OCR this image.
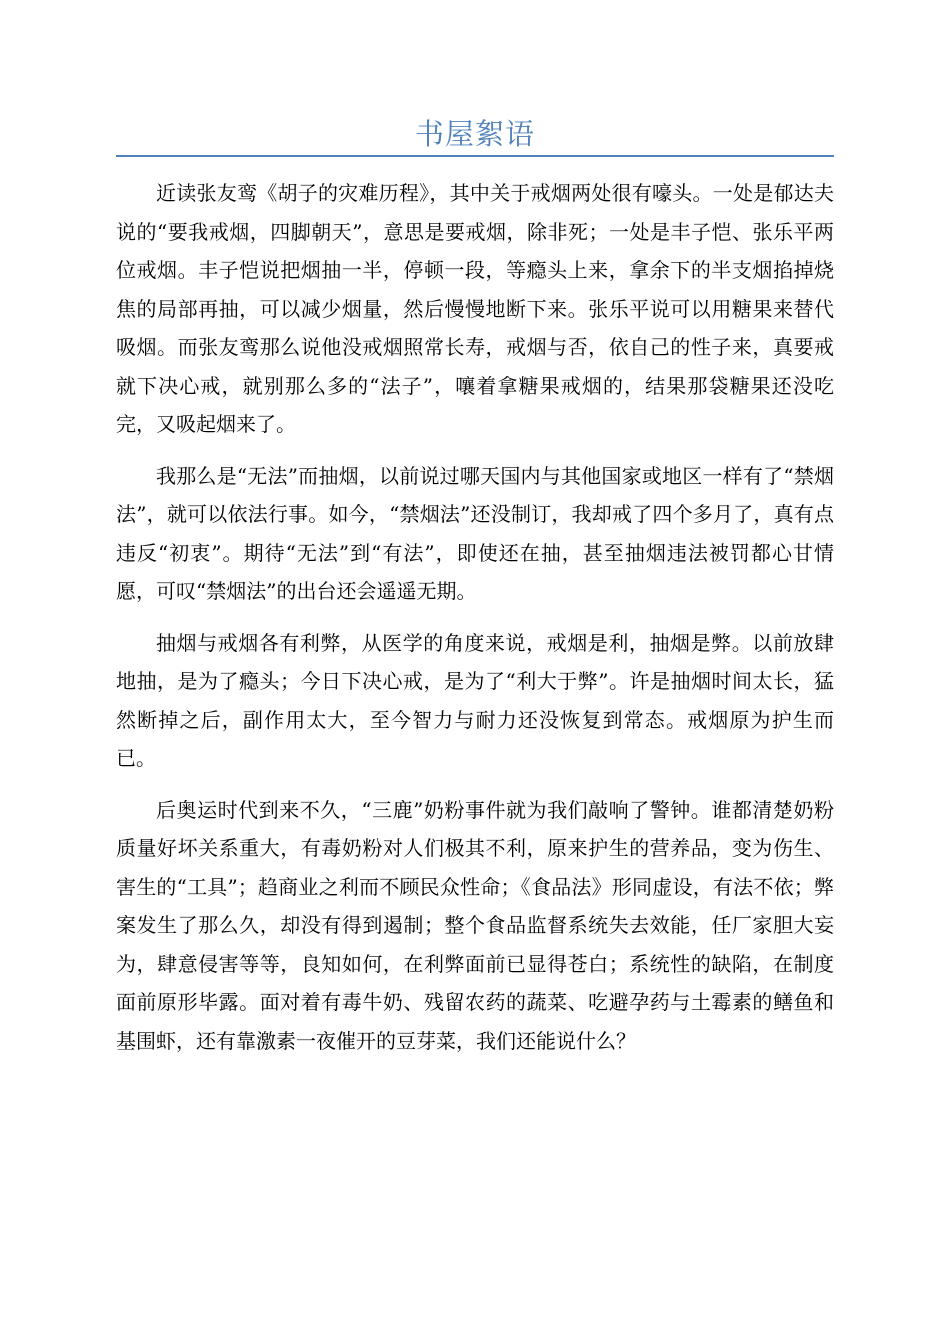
书屋絮语

近读张友鸾《胡子的灾难历程》，其中关于戒烟两处很有嚎头。一处是郁达夫说的“要我戒烟，四脚朝天”，意思是要戒烟，除非死；一处是丰子恺、张乐平两位戒烟。丰子恺说把烟抽一半，停顿一段，等瘾头上来，拿余下的半支烟掐掉烧焦的局部再抽，可以减少烟量，然后慢慢地断下来。张乐平说可以用糖果来替代吸烟。而张友鸾那么说他没戒烟照常长寿，戒烟与否，依自己的性子来，真要戒就下决心戒，就别那么多的“法子”，嚷着拿糖果戒烟的，结果那袋糖果还没吃完，又吸起烟来了。

我那么是“无法”而抽烟，以前说过哪天国内与其他国家或地区一样有了“禁烟法”，就可以依法行事。如今，“禁烟法”还没制订，我却戒了四个多月了，真有点违反“初衷”。期待“无法”到“有法”，即使还在抽，甚至抽烟违法被罚都心甘情愿，可叹“禁烟法”的出台还会遥遥无期。

抽烟与戒烟各有利弊，从医学的角度来说，戒烟是利，抽烟是弊。以前放肆地抽，是为了瘾头；今日下决心戒，是为了“利大于弊”。许是抽烟时间太长，猛然断掉之后，副作用太大，至今智力与耐力还没恢复到常态。戒烟原为护生而已。

后奥运时代到来不久，“三鹿”奶粉事件就为我们敲响了警钟。谁都清楚奶粉质量好坏关系重大，有毒奶粉对人们极其不利，原来护生的营养品，变为伤生、害生的“工具”；趋商业之利而不顾民众性命；《食品法》形同虚设，有法不依；弊案发生了那么久，却没有得到遏制；整个食品监督系统失去效能，任厂家胆大妄为，肆意侵害等等，良知如何，在利弊面前已显得苍白；系统性的缺陷，在制度面前原形毕露。面对着有毒牛奶、残留农药的蔬菜、吃避孕药与土霉素的鳝鱼和基围虾，还有靠激素一夜催开的豆芽菜，我们还能说什么？
